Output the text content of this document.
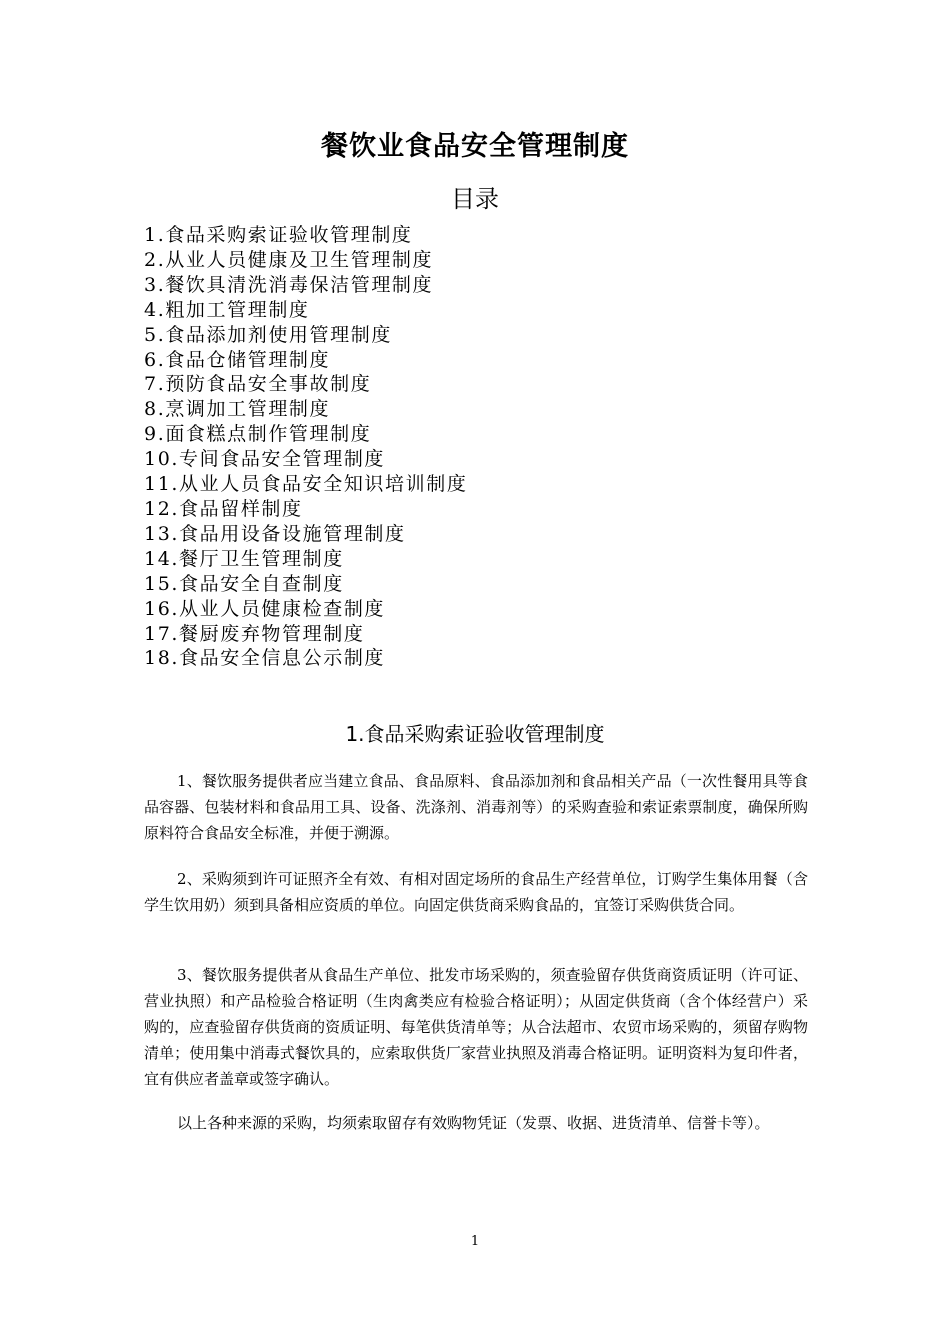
餐饮业食品安全管理制度
目录
1.食品采购索证验收管理制度
2.从业人员健康及卫生管理制度
3.餐饮具清洗消毒保洁管理制度
4.粗加工管理制度
5.食品添加剂使用管理制度
6.食品仓储管理制度
7.预防食品安全事故制度
8.烹调加工管理制度
9.面食糕点制作管理制度
10.专间食品安全管理制度
11.从业人员食品安全知识培训制度
12.食品留样制度
13.食品用设备设施管理制度
14.餐厅卫生管理制度
15.食品安全自查制度
16.从业人员健康检查制度
17.餐厨废弃物管理制度
18.食品安全信息公示制度
1.食品采购索证验收管理制度

1、餐饮服务提供者应当建立食品、食品原料、食品添加剂和食品相关产品（一次性餐用具等食品容器、包装材料和食品用工具、设备、洗涤剂、消毒剂等）的采购查验和索证索票制度，确保所购原料符合食品安全标准，并便于溯源。

2、采购须到许可证照齐全有效、有相对固定场所的食品生产经营单位，订购学生集体用餐（含学生饮用奶）须到具备相应资质的单位。向固定供货商采购食品的，宜签订采购供货合同。

3、餐饮服务提供者从食品生产单位、批发市场采购的，须查验留存供货商资质证明（许可证、营业执照）和产品检验合格证明（生肉禽类应有检验合格证明）；从固定供货商（含个体经营户）采购的，应查验留存供货商的资质证明、每笔供货清单等；从合法超市、农贸市场采购的，须留存购物清单；使用集中消毒式餐饮具的，应索取供货厂家营业执照及消毒合格证明。证明资料为复印件者，宜有供应者盖章或签字确认。

以上各种来源的采购，均须索取留存有效购物凭证（发票、收据、进货清单、信誉卡等）。

1
